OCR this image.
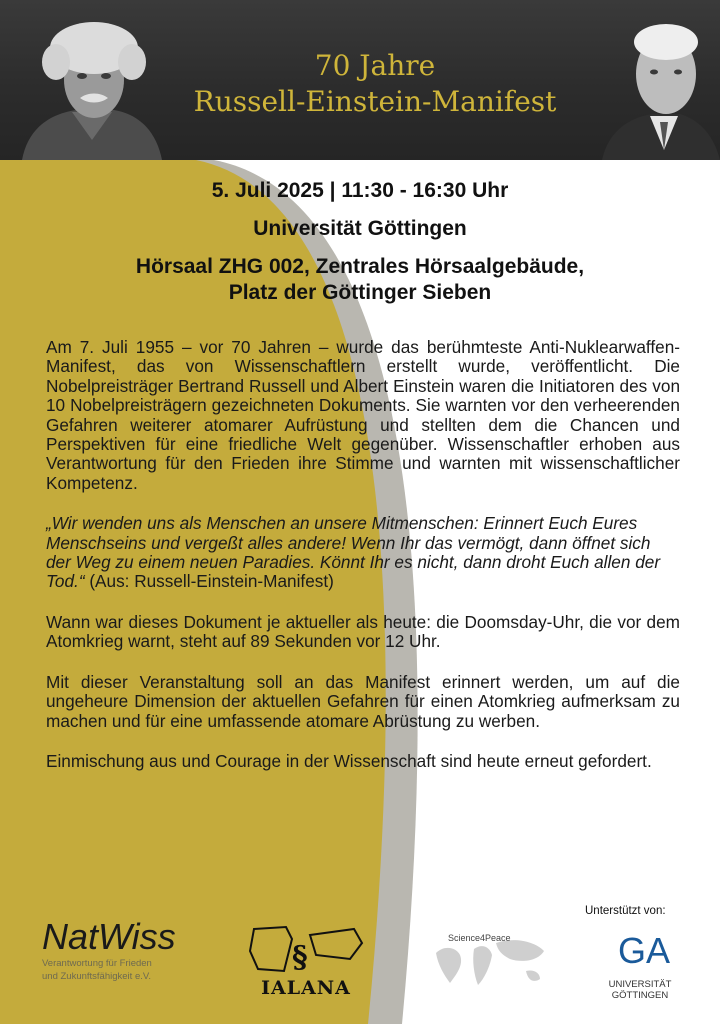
70 Jahre
Russell-Einstein-Manifest
5. Juli 2025 | 11:30 - 16:30 Uhr
Universität Göttingen
Hörsaal ZHG 002, Zentrales Hörsaalgebäude,
Platz der Göttinger Sieben

Am 7. Juli 1955 – vor 70 Jahren – wurde das berühmteste Anti-Nuklearwaffen-Manifest, das von Wissenschaftlern erstellt wurde, veröffentlicht. Die Nobelpreisträger Bertrand Russell und Albert Einstein waren die Initiatoren des von 10 Nobelpreisträgern gezeichneten Dokuments. Sie warnten vor den verheerenden Gefahren weiterer atomarer Aufrüstung und stellten dem die Chancen und Perspektiven für eine friedliche Welt gegenüber. Wissenschaftler erhoben aus Verantwortung für den Frieden ihre Stimme und warnten mit wissenschaftlicher Kompetenz.

„Wir wenden uns als Menschen an unsere Mitmenschen: Erinnert Euch Eures Menschseins und vergeßt alles andere! Wenn Ihr das vermögt, dann öffnet sich der Weg zu einem neuen Paradies. Könnt Ihr es nicht, dann droht Euch allen der Tod.“ (Aus: Russell-Einstein-Manifest)

Wann war dieses Dokument je aktueller als heute: die Doomsday-Uhr, die vor dem Atomkrieg warnt, steht auf 89 Sekunden vor 12 Uhr.

Mit dieser Veranstaltung soll an das Manifest erinnert werden, um auf die ungeheure Dimension der aktuellen Gefahren für einen Atomkrieg aufmerksam zu machen und für eine umfassende atomare Abrüstung zu werben.

Einmischung aus und Courage in der Wissenschaft sind heute erneut gefordert.

Unterstützt von:
NatWiss
Verantwortung für Frieden
und Zukunftsfähigkeit e.V.
§
IALANA
Science4Peace	GA
UNIVERSITÄT
GÖTTINGEN
